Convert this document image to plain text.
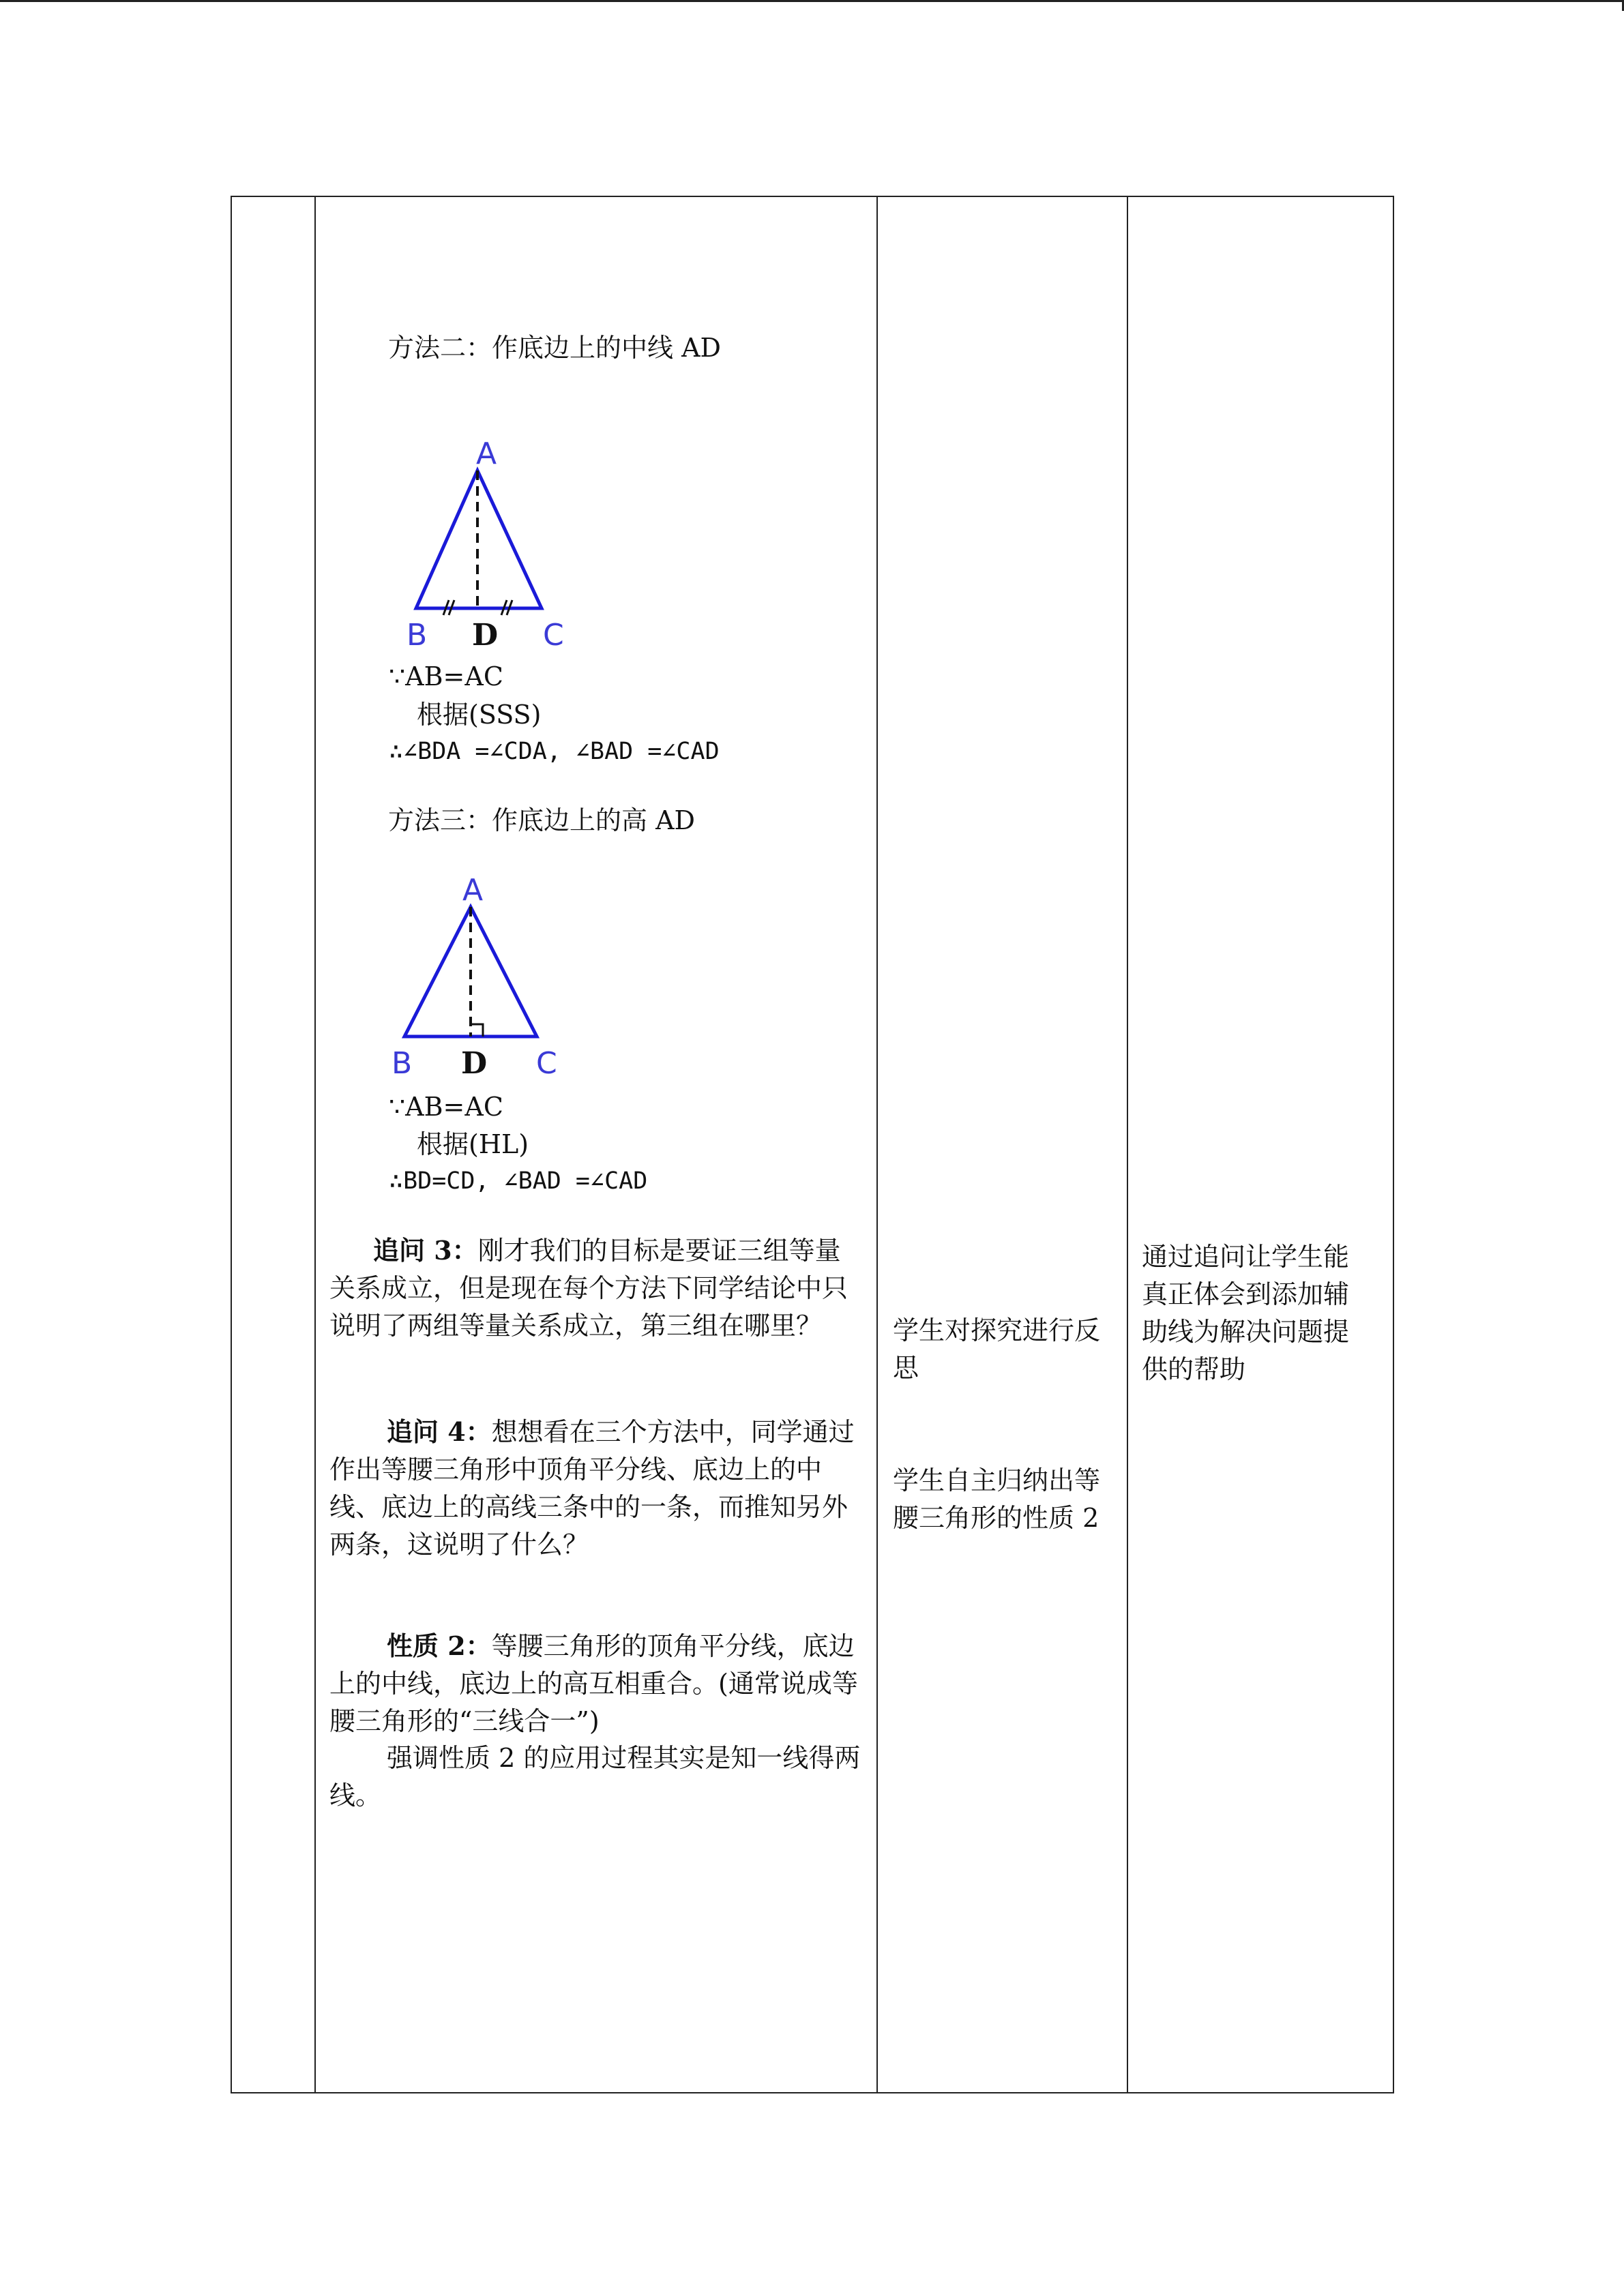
方法二：作底边上的中线 AD
A
B D C
∵AB=AC
根据(SSS)
∴∠BDA =∠CDA, ∠BAD =∠CAD
方法三：作底边上的高 AD
A
B D C
∵AB=AC
根据(HL)
∴BD=CD, ∠BAD =∠CAD
追问 3：刚才我们的目标是要证三组等量关系成立，但是现在每个方法下同学结论中只说明了两组等量关系成立，第三组在哪里？
追问 4：想想看在三个方法中，同学通过作出等腰三角形中顶角平分线、底边上的中线、底边上的高线三条中的一条，而推知另外两条，这说明了什么？
性质 2：等腰三角形的顶角平分线，底边上的中线，底边上的高互相重合。(通常说成等腰三角形的“三线合一”)
强调性质 2 的应用过程其实是知一线得两线。
学生对探究进行反思
学生自主归纳出等腰三角形的性质 2
通过追问让学生能真正体会到添加辅助线为解决问题提供的帮助
